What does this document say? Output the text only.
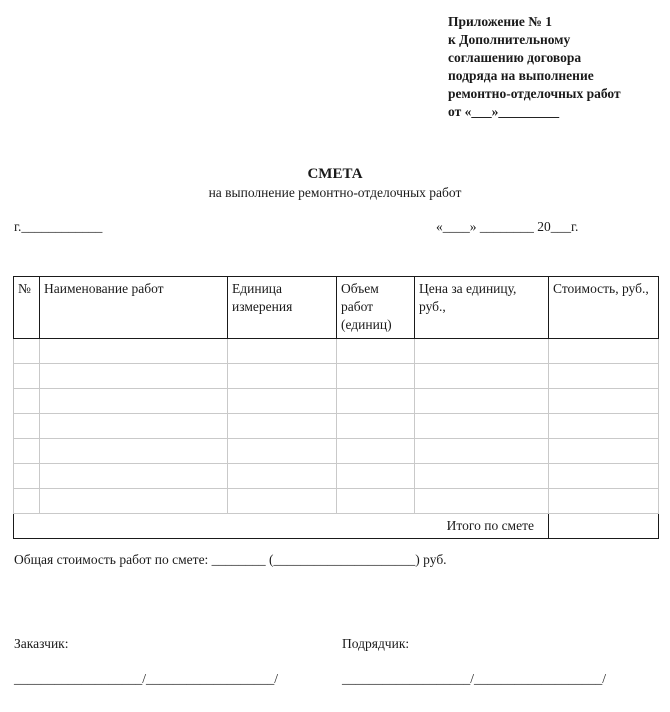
Приложение № 1
к Дополнительному
соглашению договора
подряда на выполнение
ремонтно-отделочных работ
от «___»_________
СМЕТА
на выполнение ремонтно-отделочных работ
г.____________	«____» ________ 20___г.
№	Наименование работ	Единица измерения	Объем работ (единиц)	Цена за единицу, руб.,	Стоимость, руб.,

Итого по смете					
Общая стоимость работ по смете: ________ (_____________________) руб.
Заказчик:	Подрядчик:
___________________/___________________/	___________________/___________________/
